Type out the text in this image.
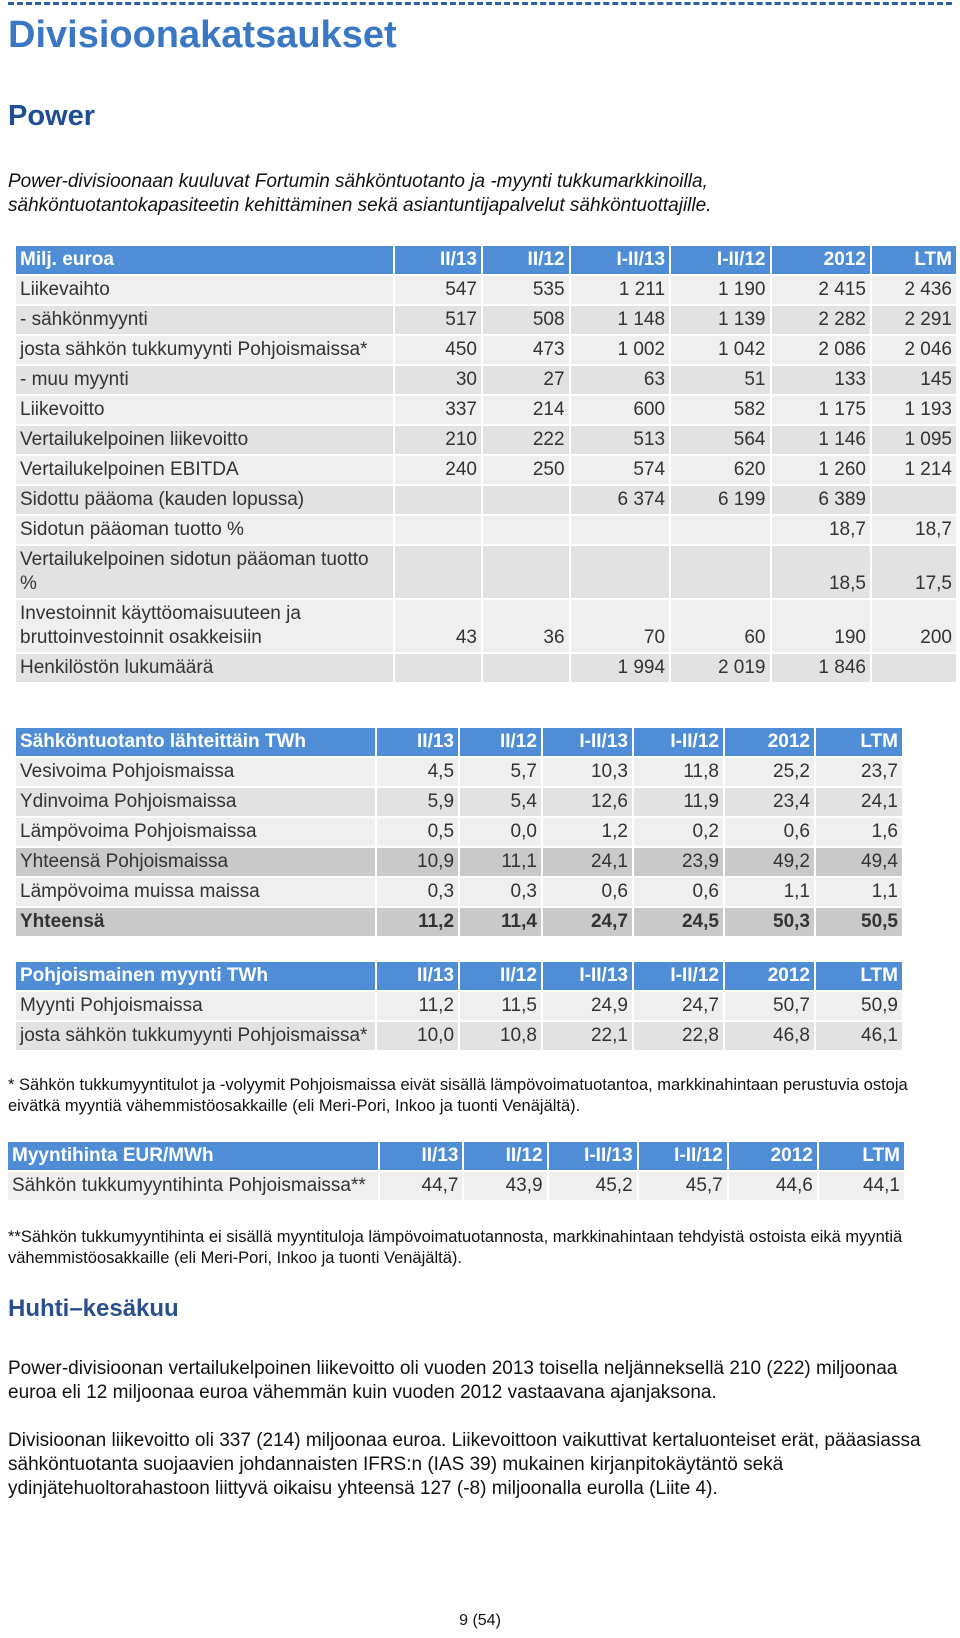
Divisioonakatsaukset
Power

Power-divisioonaan kuuluvat Fortumin sähköntuotanto ja -myynti tukkumarkkinoilla, sähköntuotantokapasiteetin kehittäminen sekä asiantuntijapalvelut sähköntuottajille.

Milj. euroa	II/13	II/12	I-II/13	I-II/12	2012	LTM
Liikevaihto	547	535	1 211	1 190	2 415	2 436
- sähkönmyynti	517	508	1 148	1 139	2 282	2 291
josta sähkön tukkumyynti Pohjoismaissa*	450	473	1 002	1 042	2 086	2 046
- muu myynti	30	27	63	51	133	145
Liikevoitto	337	214	600	582	1 175	1 193
Vertailukelpoinen liikevoitto	210	222	513	564	1 146	1 095
Vertailukelpoinen EBITDA	240	250	574	620	1 260	1 214
Sidottu pääoma (kauden lopussa)			6 374	6 199	6 389	
Sidotun pääoman tuotto %					18,7	18,7
Vertailukelpoinen sidotun pääoman tuotto %					18,5	17,5
Investoinnit käyttöomaisuuteen ja bruttoinvestoinnit osakkeisiin	43	36	70	60	190	200
Henkilöstön lukumäärä			1 994	2 019	1 846	
Sähköntuotanto lähteittäin TWh	II/13	II/12	I-II/13	I-II/12	2012	LTM
Vesivoima Pohjoismaissa	4,5	5,7	10,3	11,8	25,2	23,7
Ydinvoima Pohjoismaissa	5,9	5,4	12,6	11,9	23,4	24,1
Lämpövoima Pohjoismaissa	0,5	0,0	1,2	0,2	0,6	1,6
Yhteensä Pohjoismaissa	10,9	11,1	24,1	23,9	49,2	49,4
Lämpövoima muissa maissa	0,3	0,3	0,6	0,6	1,1	1,1
Yhteensä	11,2	11,4	24,7	24,5	50,3	50,5
Pohjoismainen myynti TWh	II/13	II/12	I-II/13	I-II/12	2012	LTM
Myynti Pohjoismaissa	11,2	11,5	24,9	24,7	50,7	50,9
josta sähkön tukkumyynti Pohjoismaissa*	10,0	10,8	22,1	22,8	46,8	46,1

* Sähkön tukkumyyntitulot ja -volyymit Pohjoismaissa eivät sisällä lämpövoimatuotantoa, markkinahintaan perustuvia ostoja eivätkä myyntiä vähemmistöosakkaille (eli Meri-Pori, Inkoo ja tuonti Venäjältä).

Myyntihinta EUR/MWh	II/13	II/12	I-II/13	I-II/12	2012	LTM
Sähkön tukkumyyntihinta Pohjoismaissa**	44,7	43,9	45,2	45,7	44,6	44,1

**Sähkön tukkumyyntihinta ei sisällä myyntituloja lämpövoimatuotannosta, markkinahintaan tehdyistä ostoista eikä myyntiä vähemmistöosakkaille (eli Meri-Pori, Inkoo ja tuonti Venäjältä).

Huhti–kesäkuu

Power-divisioonan vertailukelpoinen liikevoitto oli vuoden 2013 toisella neljänneksellä 210 (222) miljoonaa euroa eli 12 miljoonaa euroa vähemmän kuin vuoden 2012 vastaavana ajanjaksona.

Divisioonan liikevoitto oli 337 (214) miljoonaa euroa. Liikevoittoon vaikuttivat kertaluonteiset erät, pääasiassa sähköntuotanta suojaavien johdannaisten IFRS:n (IAS 39) mukainen kirjanpitokäytäntö sekä ydinjätehuoltorahastoon liittyvä oikaisu yhteensä 127 (-8) miljoonalla eurolla (Liite 4).

9 (54)
